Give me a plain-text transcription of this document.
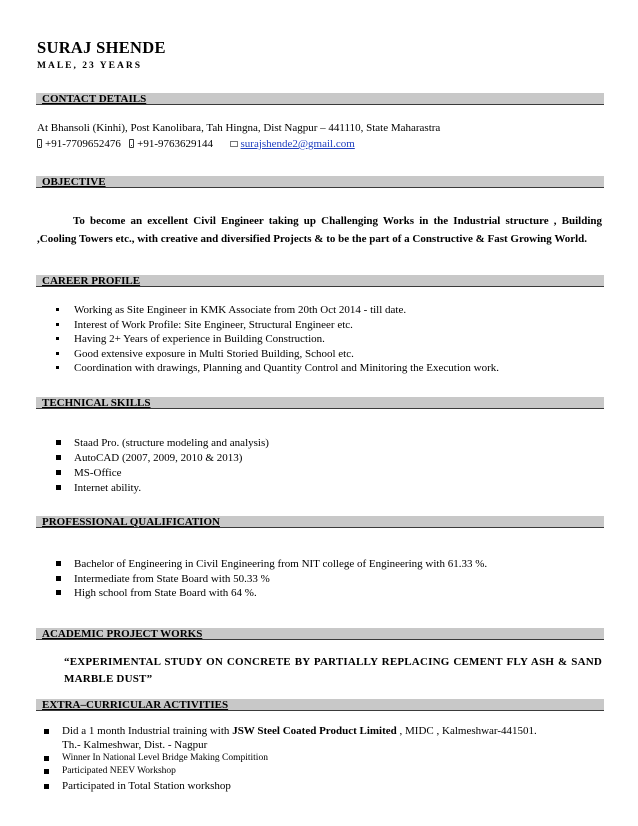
SURAJ SHENDE
MALE, 23 YEARS
CONTACT DETAILS
At Bhansoli (Kinhi), Post Kanolibara, Tah Hingna, Dist Nagpur – 441110, State Maharastra
+91-7709652476 +91-9763629144	surajshende2@gmail.com
OBJECTIVE
To become an excellent Civil Engineer taking up Challenging Works in the Industrial structure , Building ,Cooling Towers etc., with creative and diversified Projects & to be the part of a Constructive & Fast Growing World.
CAREER PROFILE
Working as Site Engineer in KMK Associate from 20th Oct 2014 - till date.
Interest of Work Profile: Site Engineer, Structural Engineer etc.
Having 2+ Years of experience in Building Construction.
Good extensive exposure in Multi Storied Building, School etc.
Coordination with drawings, Planning and Quantity Control and Minitoring the Execution work.
TECHNICAL SKILLS
Staad Pro. (structure modeling and analysis)
AutoCAD (2007, 2009, 2010 & 2013)
MS-Office
Internet ability.
PROFESSIONAL QUALIFICATION
Bachelor of Engineering in Civil Engineering from NIT college of Engineering with 61.33 %.
Intermediate from State Board with 50.33 %
High school from State Board with 64 %.
ACADEMIC PROJECT WORKS
“EXPERIMENTAL STUDY ON CONCRETE BY PARTIALLY REPLACING CEMENT FLY ASH & SAND MARBLE DUST”
EXTRA–CURRICULAR ACTIVITIES
Did a 1 month Industrial training with JSW Steel Coated Product Limited , MIDC , Kalmeshwar-441501.
Th.- Kalmeshwar, Dist. - Nagpur
Winner In National Level Bridge Making Compitition
Participated NEEV Workshop
Participated in Total Station workshop
